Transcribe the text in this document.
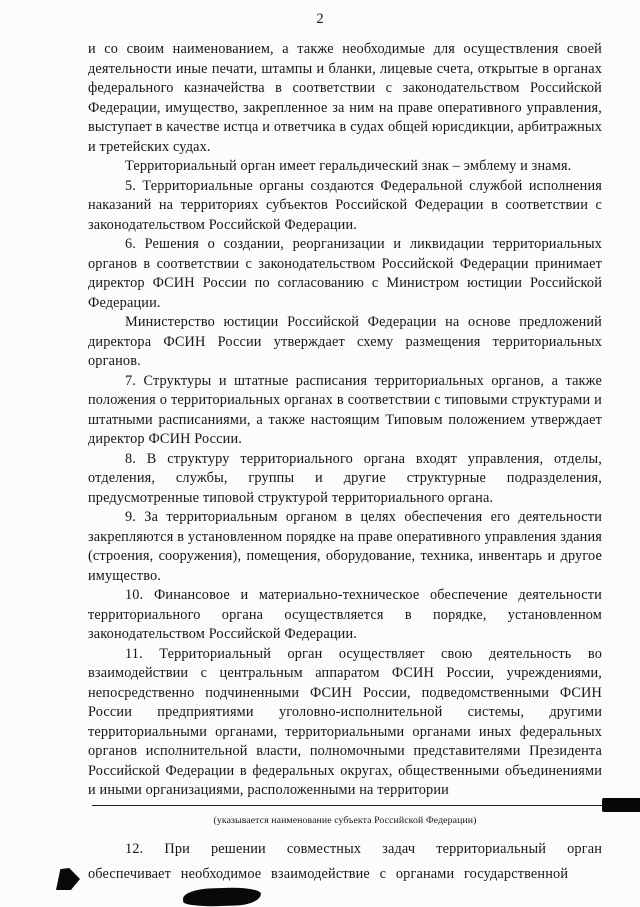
2

и со своим наименованием, а также необходимые для осуществления своей деятельности иные печати, штампы и бланки, лицевые счета, открытые в органах федерального казначейства в соответствии с законодательством Российской Федерации, имущество, закрепленное за ним на праве оперативного управления, выступает в качестве истца и ответчика в судах общей юрисдикции, арбитражных и третейских судах.

Территориальный орган имеет геральдический знак – эмблему и знамя.

5. Территориальные органы создаются Федеральной службой исполнения наказаний на территориях субъектов Российской Федерации в соответствии с законодательством Российской Федерации.

6. Решения о создании, реорганизации и ликвидации территориальных органов в соответствии с законодательством Российской Федерации принимает директор ФСИН России по согласованию с Министром юстиции Российской Федерации.

Министерство юстиции Российской Федерации на основе предложений директора ФСИН России утверждает схему размещения территориальных органов.

7. Структуры и штатные расписания территориальных органов, а также положения о территориальных органах в соответствии с типовыми структурами и штатными расписаниями, а также настоящим Типовым положением утверждает директор ФСИН России.

8. В структуру территориального органа входят управления, отделы, отделения, службы, группы и другие структурные подразделения, предусмотренные типовой структурой территориального органа.

9. За территориальным органом в целях обеспечения его деятельности закрепляются в установленном порядке на праве оперативного управления здания (строения, сооружения), помещения, оборудование, техника, инвентарь и другое имущество.

10. Финансовое и материально-техническое обеспечение деятельности территориального органа осуществляется в порядке, установленном законодательством Российской Федерации.

11. Территориальный орган осуществляет свою деятельность во взаимодействии с центральным аппаратом ФСИН России, учреждениями, непосредственно подчиненными ФСИН России, подведомственными ФСИН России предприятиями уголовно-исполнительной системы, другими территориальными органами, территориальными органами иных федеральных органов исполнительной власти, полномочными представителями Президента Российской Федерации в федеральных округах, общественными объединениями и иными организациями, расположенными на территории

(указывается наименование субъекта Российской Федерации)

12. При решении совместных задач территориальный орган обеспечивает необходимое взаимодействие с органами государственной
